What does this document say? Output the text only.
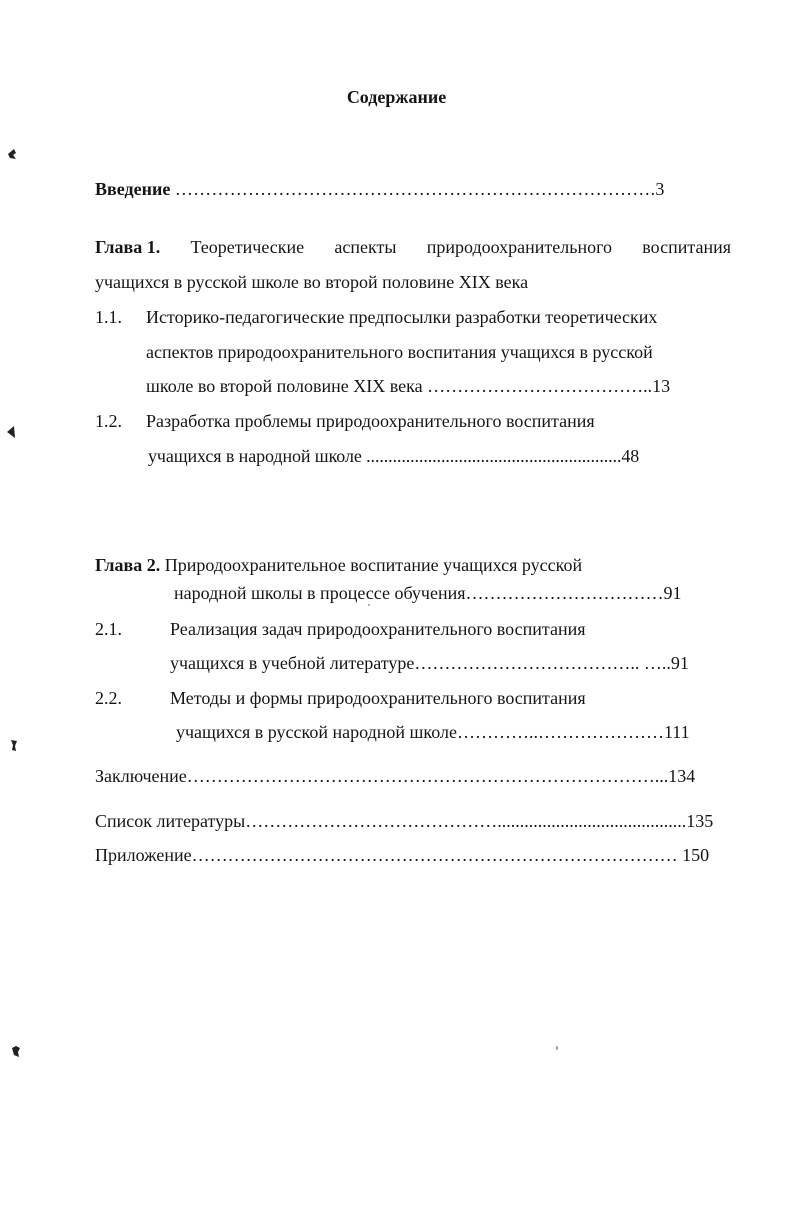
Содержание
Введение …………………………………………………………………….3
Глава 1. Теоретические аспекты природоохранительного воспитания
учащихся в русской школе во второй половине XIX века
1.1. Историко-педагогические предпосылки разработки теоретических
аспектов природоохранительного воспитания учащихся в русской
школе во второй половине XIX века ………………………………..13
1.2. Разработка проблемы природоохранительного воспитания
учащихся в народной школе ..........................................................48
Глава 2. Природоохранительное воспитание учащихся русской
народной школы в процессе обучения……………………………91
2.1.	Реализация задач природоохранительного воспитания
учащихся в учебной литературе……………………………….. …..91
2.2.	Методы и формы природоохранительного воспитания
учащихся в русской народной школе…………..…………………111
Заключение……………………………………………………………………...134
Список литературы……………………………………..........................................135
Приложение……………………………………………………………………… 150
